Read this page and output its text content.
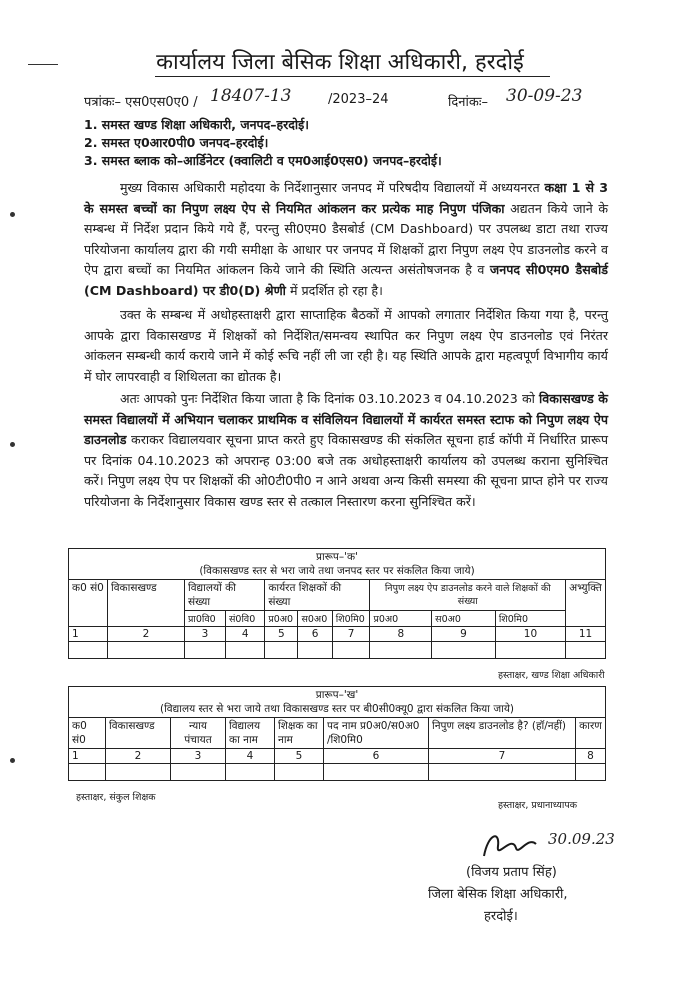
कार्यालय जिला बेसिक शिक्षा अधिकारी, हरदोई
पत्रांकः– एस0एस0ए0 / 18407-13	/2023–24	दिनांकः– 30-09-23
1. समस्त खण्ड शिक्षा अधिकारी, जनपद–हरदोई।
2. समस्त ए0आर0पी0 जनपद–हरदोई।
3. समस्त ब्लाक को–आर्डिनेटर (क्वालिटी व एम0आई0एस0) जनपद–हरदोई।

मुख्य विकास अधिकारी महोदया के निर्देशानुसार जनपद में परिषदीय विद्यालयों में अध्ययनरत कक्षा 1 से 3 के समस्त बच्चों का निपुण लक्ष्य ऐप से नियमित आंकलन कर प्रत्येक माह निपुण पंजिका अद्यतन किये जाने के सम्बन्ध में निर्देश प्रदान किये गये हैं, परन्तु सी0एम0 डैसबोर्ड (CM Dashboard) पर उपलब्ध डाटा तथा राज्य परियोजना कार्यालय द्वारा की गयी समीक्षा के आधार पर जनपद में शिक्षकों द्वारा निपुण लक्ष्य ऐप डाउनलोड करने व ऐप द्वारा बच्चों का नियमित आंकलन किये जाने की स्थिति अत्यन्त असंतोषजनक है व जनपद सी0एम0 डैसबोर्ड (CM Dashboard) पर डी0(D) श्रेणी में प्रदर्शित हो रहा है।

उक्त के सम्बन्ध में अधोहस्ताक्षरी द्वारा साप्ताहिक बैठकों में आपको लगातार निर्देशित किया गया है, परन्तु आपके द्वारा विकासखण्ड में शिक्षकों को निर्देशित/समन्वय स्थापित कर निपुण लक्ष्य ऐप डाउनलोड एवं निरंतर आंकलन सम्बन्धी कार्य कराये जाने में कोई रूचि नहीं ली जा रही है। यह स्थिति आपके द्वारा महत्वपूर्ण विभागीय कार्य में घोर लापरवाही व शिथिलता का द्योतक है।

अतः आपको पुनः निर्देशित किया जाता है कि दिनांक 03.10.2023 व 04.10.2023 को विकासखण्ड के समस्त विद्यालयों में अभियान चलाकर प्राथमिक व संविलियन विद्यालयों में कार्यरत समस्त स्टाफ को निपुण लक्ष्य ऐप डाउनलोड कराकर विद्यालयवार सूचना प्राप्त करते हुए विकासखण्ड की संकलित सूचना हार्ड कॉपी में निर्धारित प्रारूप पर दिनांक 04.10.2023 को अपरान्ह 03:00 बजे तक अधोहस्ताक्षरी कार्यालय को उपलब्ध कराना सुनिश्चित करें। निपुण लक्ष्य ऐप पर शिक्षकों की ओ0टी0पी0 न आने अथवा अन्य किसी समस्या की सूचना प्राप्त होने पर राज्य परियोजना के निर्देशानुसार विकास खण्ड स्तर से तत्काल निस्तारण करना सुनिश्चित करें।

प्रारूप–'क'
(विकासखण्ड स्तर से भरा जाये तथा जनपद स्तर पर संकलित किया जाये)										

क0 सं0	विकासखण्ड	विद्यालयों की संख्या		कार्यरत शिक्षकों की संख्या			निपुण लक्ष्य ऐप डाउनलोड करने वाले शिक्षकों की संख्या			अभ्युक्ति
		प्रा0वि0	सं0वि0	प्र0अ0	स0अ0	शि0मि0	प्र0अ0	स0अ0	शि0मि0	
1	2	3	4	5	6	7	8	9	10	11

हस्ताक्षर, खण्ड शिक्षा अधिकारी
प्रारूप–'ख'
(विद्यालय स्तर से भरा जाये तथा विकासखण्ड स्तर पर बी0सी0क्यू0 द्वारा संकलित किया जाये)							

क0 सं0	विकासखण्ड	न्याय पंचायत	विद्यालय का नाम	शिक्षक का नाम	पद नाम प्र0अ0/स0अ0 /शि0मि0	निपुण लक्ष्य डाउनलोड है? (हॉ/नहीं)	कारण
1	2	3	4	5	6	7	8

हस्ताक्षर, संकुल शिक्षक
हस्ताक्षर, प्रधानाध्यापक
30.09.23
(विजय प्रताप सिंह)
जिला बेसिक शिक्षा अधिकारी,
हरदोई।
